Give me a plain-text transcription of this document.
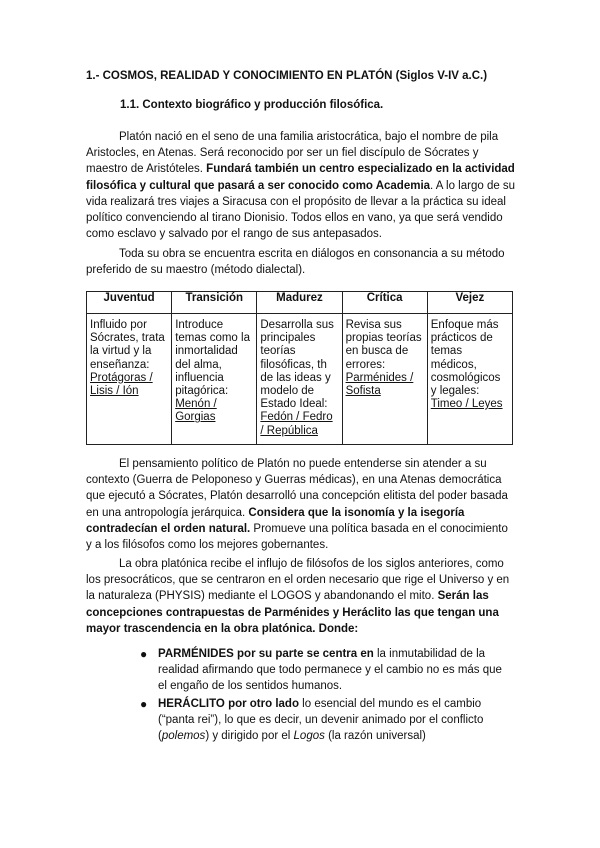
1.- COSMOS, REALIDAD Y CONOCIMIENTO EN PLATÓN (Siglos V-IV a.C.)
1.1. Contexto biográfico y producción filosófica.
Platón nació en el seno de una familia aristocrática, bajo el nombre de pila Aristocles, en Atenas. Será reconocido por ser un fiel discípulo de Sócrates y maestro de Aristóteles. Fundará también un centro especializado en la actividad filosófica y cultural que pasará a ser conocido como Academia. A lo largo de su vida realizará tres viajes a Siracusa con el propósito de llevar a la práctica su ideal político convenciendo al tirano Dionisio. Todos ellos en vano, ya que será vendido como esclavo y salvado por el rango de sus antepasados.
Toda su obra se encuentra escrita en diálogos en consonancia a su método preferido de su maestro (método dialectal).
Juventud	Transición	Madurez	Crítica	Vejez
Influido por Sócrates, trata la virtud y la enseñanza: Protágoras / Lisis / Ión	Introduce temas como la inmortalidad del alma, influencia pitagórica: Menón / Gorgias	Desarrolla sus principales teorías filosóficas, th de las ideas y modelo de Estado Ideal: Fedón / Fedro / República	Revisa sus propias teorías en busca de errores: Parménides / Sofista	Enfoque más prácticos de temas médicos, cosmológicos y legales: Timeo / Leyes
El pensamiento político de Platón no puede entenderse sin atender a su contexto (Guerra de Peloponeso y Guerras médicas), en una Atenas democrática que ejecutó a Sócrates, Platón desarrolló una concepción elitista del poder basada en una antropología jerárquica. Considera que la isonomía y la isegoría contradecían el orden natural. Promueve una política basada en el conocimiento y a los filósofos como los mejores gobernantes.
La obra platónica recibe el influjo de filósofos de los siglos anteriores, como los presocráticos, que se centraron en el orden necesario que rige el Universo y en la naturaleza (PHYSIS) mediante el LOGOS y abandonando el mito. Serán las concepciones contrapuestas de Parménides y Heráclito las que tengan una mayor trascendencia en la obra platónica. Donde:
● PARMÉNIDES por su parte se centra en la inmutabilidad de la realidad afirmando que todo permanece y el cambio no es más que el engaño de los sentidos humanos.
● HERÁCLITO por otro lado lo esencial del mundo es el cambio (“panta rei”), lo que es decir, un devenir animado por el conflicto (polemos) y dirigido por el Logos (la razón universal)
